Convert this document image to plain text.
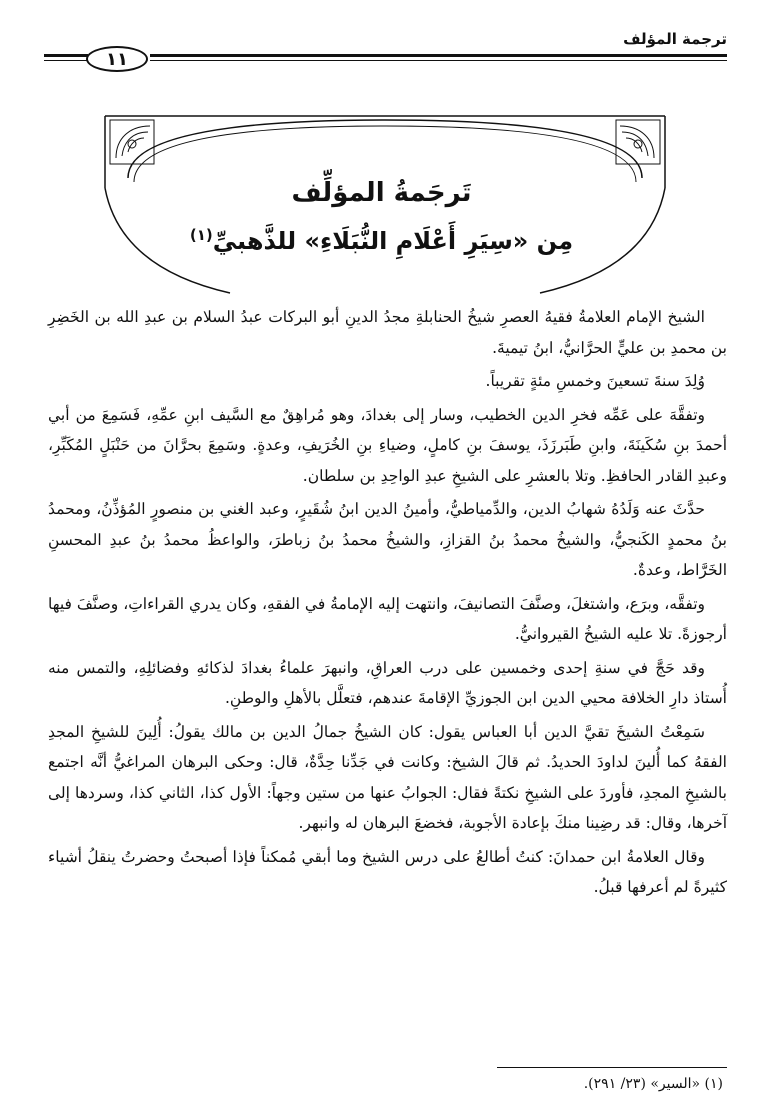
ترجمة المؤلف
١١
تَرجَمةُ المؤلِّف
مِن «سِيَرِ أَعْلَامِ النُّبَلَاءِ» للذَّهبيِّ$^{(١)}$

الشيخ الإمام العلامةُ فقيهُ العصرِ شيخُ الحنابلةِ مجدُ الدينِ أبو البركات عبدُ السلام بن عبدِ الله بن الخَضِرِ بن محمدِ بن عليٍّ الحرَّانيُّ، ابنُ تيميةَ.

وُلِدَ سنةَ تسعينَ وخمسِ مئةٍ تقريباً.

وتفقَّهَ على عَمِّه فخرِ الدين الخطيب، وسار إلى بغدادَ، وهو مُراهِقٌ مع السَّيف ابنِ عمِّهِ، فَسَمِعَ من أبي أحمدَ بنِ سُكَينَةَ، وابنِ طَبَرزَذَ، يوسفَ بنِ كاملٍ، وضياءِ بنِ الخُرَيفِ، وعدةٍ. وسَمِعَ بحرَّانَ من حَنْبَلٍ المُكَبِّرِ، وعبدِ القادر الحافظِ. وتلا بالعشرِ على الشيخِ عبدِ الواحِدِ بن سلطان.

حدَّثَ عنه وَلَدُهُ شهابُ الدين، والدِّمياطيُّ، وأمينُ الدين ابنُ شُقَيرٍ، وعبد الغني بن منصورٍ المُؤذِّنُ، ومحمدُ بنُ محمدٍ الكَنجيُّ، والشيخُ محمدُ بنُ القزازِ، والشيخُ محمدُ بنُ زباطرَ، والواعظُ محمدُ بنُ عبدِ المحسنِ الخَرَّاط، وعدةٌ.

وتفقَّه، وبرَع، واشتغلَ، وصنَّفَ التصانيفَ، وانتهت إليه الإمامةُ في الفقهِ، وكان يدري القراءاتِ، وصنَّفَ فيها أرجوزةً. تلا عليه الشيخُ القيروانيُّ.

وقد حَجَّ في سنةِ إحدى وخمسين على درب العراقِ، وانبهرَ علماءُ بغدادَ لذكائهِ وفضائلِهِ، والتمس منه أُستاذ دارِ الخلافة محيي الدين ابن الجوزيِّ الإقامةَ عندهم، فتعلَّل بالأهلِ والوطنِ.

سَمِعْتُ الشيخَ تقيَّ الدين أبا العباس يقول: كان الشيخُ جمالُ الدين بن مالك يقولُ: أُلِينَ للشيخِ المجدِ الفقهُ كما أُلينَ لداودَ الحديدُ. ثم قالَ الشيخ: وكانت في جَدِّنا حِدَّةٌ، قال: وحكى البرهان المراغيُّ أنَّه اجتمع بالشيخِ المجدِ، فأوردَ على الشيخِ نكتةً فقال: الجوابُ عنها من ستين وجهاً: الأول كذا، الثاني كذا، وسردها إلى آخرها، وقال: قد رضِينا منكَ بإعادة الأجوبة، فخضعَ البرهان له وانبهر.

وقال العلامةُ ابن حمدانَ: كنتُ أطالعُ على درس الشيخ وما أبقي مُمكناً فإذا أصبحتُ وحضرتُ ينقلُ أشياء كثيرةً لم أعرفها قبلُ.

(١) «السير» (٢٣/ ٢٩١).
